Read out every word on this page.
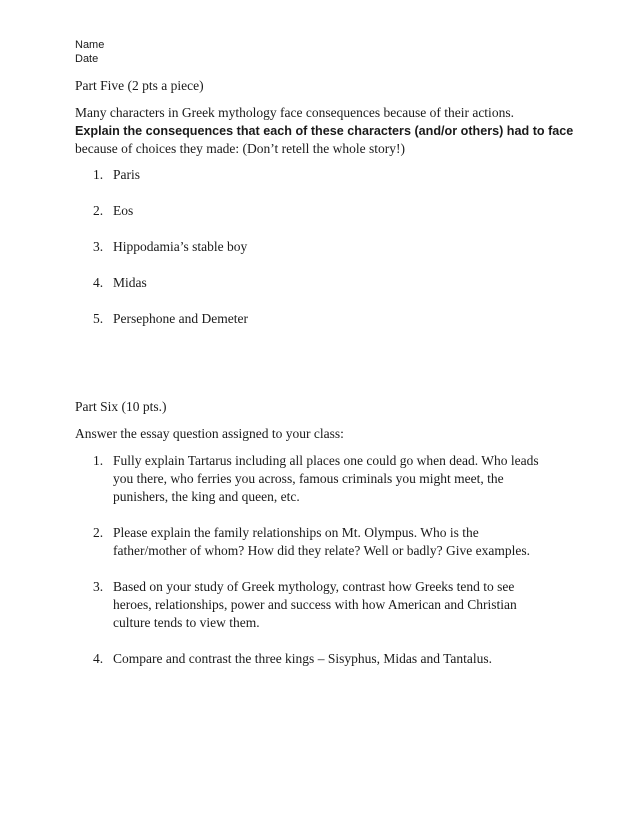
Name
Date
Part Five (2 pts a piece)
Many characters in Greek mythology face consequences because of their actions.
Explain the consequences that each of these characters (and/or others) had to face
because of choices they made: (Don’t retell the whole story!)
1. Paris
2. Eos
3. Hippodamia’s stable boy
4. Midas
5. Persephone and Demeter
Part Six (10 pts.)
Answer the essay question assigned to your class:
1. Fully explain Tartarus including all places one could go when dead. Who leads
you there, who ferries you across, famous criminals you might meet, the
punishers, the king and queen, etc.
2. Please explain the family relationships on Mt. Olympus. Who is the
father/mother of whom? How did they relate? Well or badly? Give examples.
3. Based on your study of Greek mythology, contrast how Greeks tend to see
heroes, relationships, power and success with how American and Christian
culture tends to view them.
4. Compare and contrast the three kings – Sisyphus, Midas and Tantalus.
